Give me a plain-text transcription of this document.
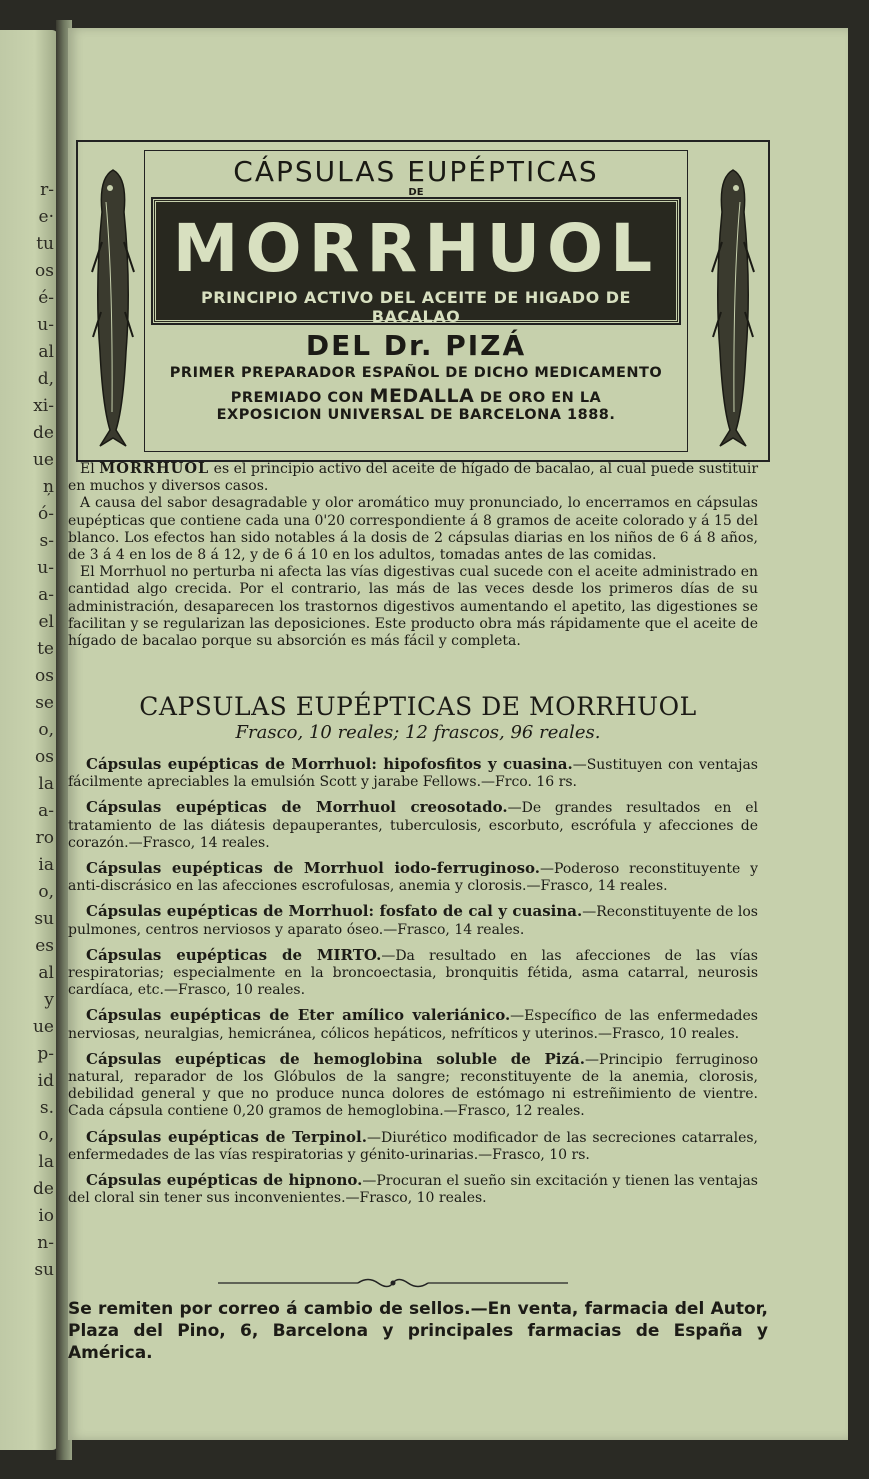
r-
e·
tu
os
é-
u-
al
d,
xi-
de
ue
ņ
ó-
s-
u-
a-
el
te
os
se
o,
os
la
a-
ro
ia
o,
su
es
al
y
ue
p-
id
s.
o,
la
de
io
n-
su
CÁPSULAS EUPÉPTICAS
DE
MORRHUOL
PRINCIPIO ACTIVO DEL ACEITE DE HIGADO DE BACALAO
DEL Dr. PIZÁ
PRIMER PREPARADOR ESPAÑOL DE DICHO MEDICAMENTO
PREMIADO CON MEDALLA DE ORO EN LA
EXPOSICION UNIVERSAL DE BARCELONA 1888.

El MORRHUOL es el principio activo del aceite de hígado de bacalao, al cual puede sustituir en muchos y diversos casos.

A causa del sabor desagradable y olor aromático muy pronunciado, lo encerramos en cápsulas eupépticas que contiene cada una 0'20 correspondiente á 8 gramos de aceite colorado y á 15 del blanco. Los efectos han sido notables á la dosis de 2 cápsulas diarias en los niños de 6 á 8 años, de 3 á 4 en los de 8 á 12, y de 6 á 10 en los adultos, tomadas antes de las comidas.

El Morrhuol no perturba ni afecta las vías digestivas cual sucede con el aceite administrado en cantidad algo crecida. Por el contrario, las más de las veces desde los primeros días de su administración, desaparecen los trastornos digestivos aumentando el apetito, las digestiones se facilitan y se regularizan las deposiciones. Este producto obra más rápidamente que el aceite de hígado de bacalao porque su absorción es más fácil y completa.

CAPSULAS EUPÉPTICAS DE MORRHUOL
Frasco, 10 reales; 12 frascos, 96 reales.
Cápsulas eupépticas de Morrhuol: hipofosfitos y cuasina.—Sustituyen con ventajas fácilmente apreciables la emulsión Scott y jarabe Fellows.—Frco. 16 rs.
Cápsulas eupépticas de Morrhuol creosotado.—De grandes resultados en el tratamiento de las diátesis depauperantes, tuberculosis, escorbuto, escrófula y afecciones de corazón.—Frasco, 14 reales.
Cápsulas eupépticas de Morrhuol iodo-ferruginoso.—Poderoso reconstituyente y anti-discrásico en las afecciones escrofulosas, anemia y clorosis.—Frasco, 14 reales.
Cápsulas eupépticas de Morrhuol: fosfato de cal y cuasina.—Reconstituyente de los pulmones, centros nerviosos y aparato óseo.—Frasco, 14 reales.
Cápsulas eupépticas de MIRTO.—Da resultado en las afecciones de las vías respiratorias; especialmente en la broncoectasia, bronquitis fétida, asma catarral, neurosis cardíaca, etc.—Frasco, 10 reales.
Cápsulas eupépticas de Eter amílico valeriánico.—Específico de las enfermedades nerviosas, neuralgias, hemicránea, cólicos hepáticos, nefríticos y uterinos.—Frasco, 10 reales.
Cápsulas eupépticas de hemoglobina soluble de Pizá.—Principio ferruginoso natural, reparador de los Glóbulos de la sangre; reconstituyente de la anemia, clorosis, debilidad general y que no produce nunca dolores de estómago ni estreñimiento de vientre. Cada cápsula contiene 0,20 gramos de hemoglobina.—Frasco, 12 reales.
Cápsulas eupépticas de Terpinol.—Diurético modificador de las secreciones catarrales, enfermedades de las vías respiratorias y génito-urinarias.—Frasco, 10 rs.
Cápsulas eupépticas de hipnono.—Procuran el sueño sin excitación y tienen las ventajas del cloral sin tener sus inconvenientes.—Frasco, 10 reales.
Se remiten por correo á cambio de sellos.—En venta, farmacia del Autor, Plaza del Pino, 6, Barcelona y principales farmacias de España y América.
